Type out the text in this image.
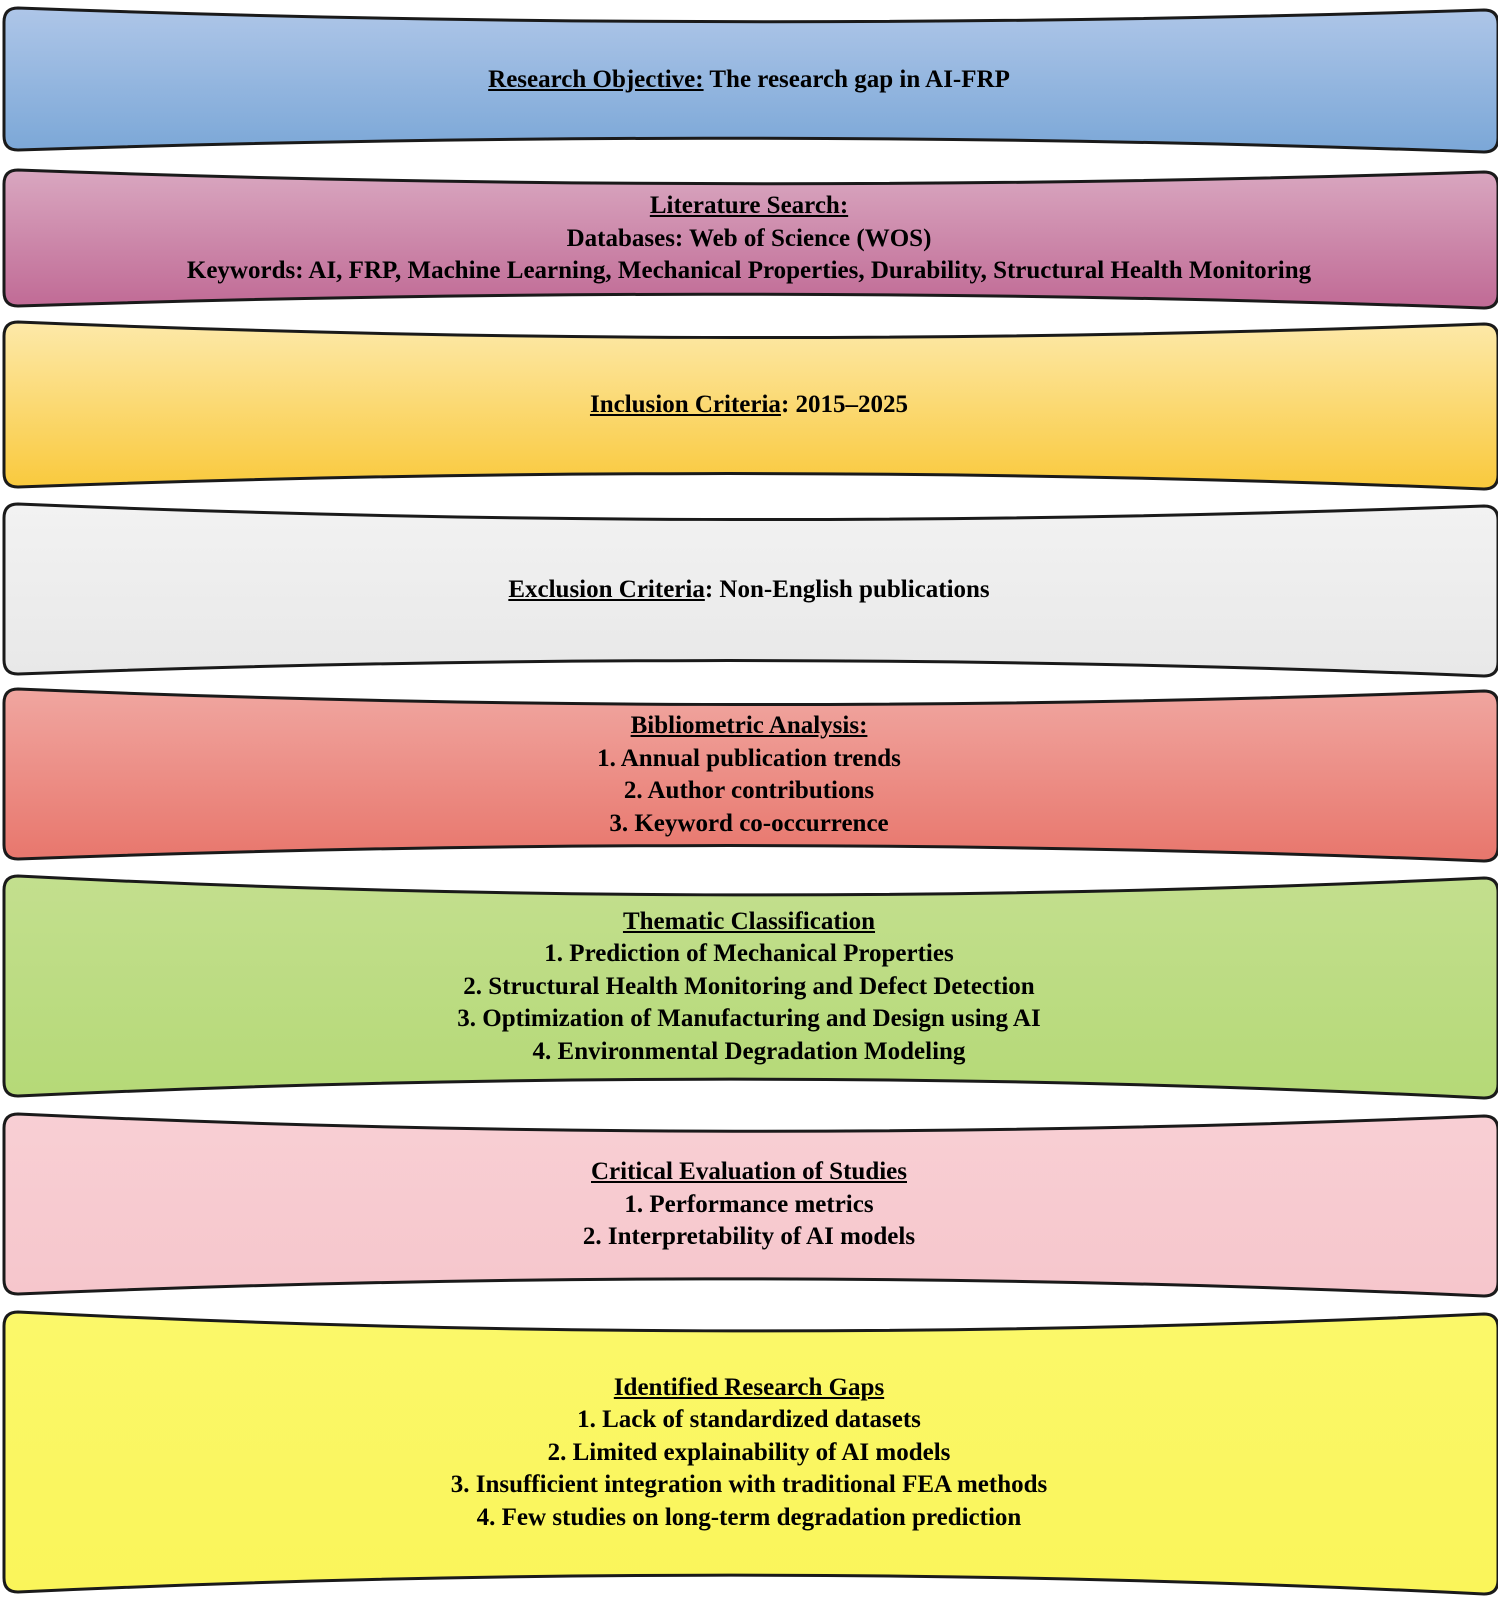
Research Objective: The research gap in AI-FRP
Literature Search:
Databases: Web of Science (WOS)
Keywords: AI, FRP, Machine Learning, Mechanical Properties, Durability, Structural Health Monitoring
Inclusion Criteria: 2015–2025
Exclusion Criteria: Non-English publications
Bibliometric Analysis:
1. Annual publication trends
2. Author contributions
3. Keyword co-occurrence
Thematic Classification
1. Prediction of Mechanical Properties
2. Structural Health Monitoring and Defect Detection
3. Optimization of Manufacturing and Design using AI
4. Environmental Degradation Modeling
Critical Evaluation of Studies
1. Performance metrics
2. Interpretability of AI models
Identified Research Gaps
1. Lack of standardized datasets
2. Limited explainability of AI models
3. Insufficient integration with traditional FEA methods
4. Few studies on long-term degradation prediction
